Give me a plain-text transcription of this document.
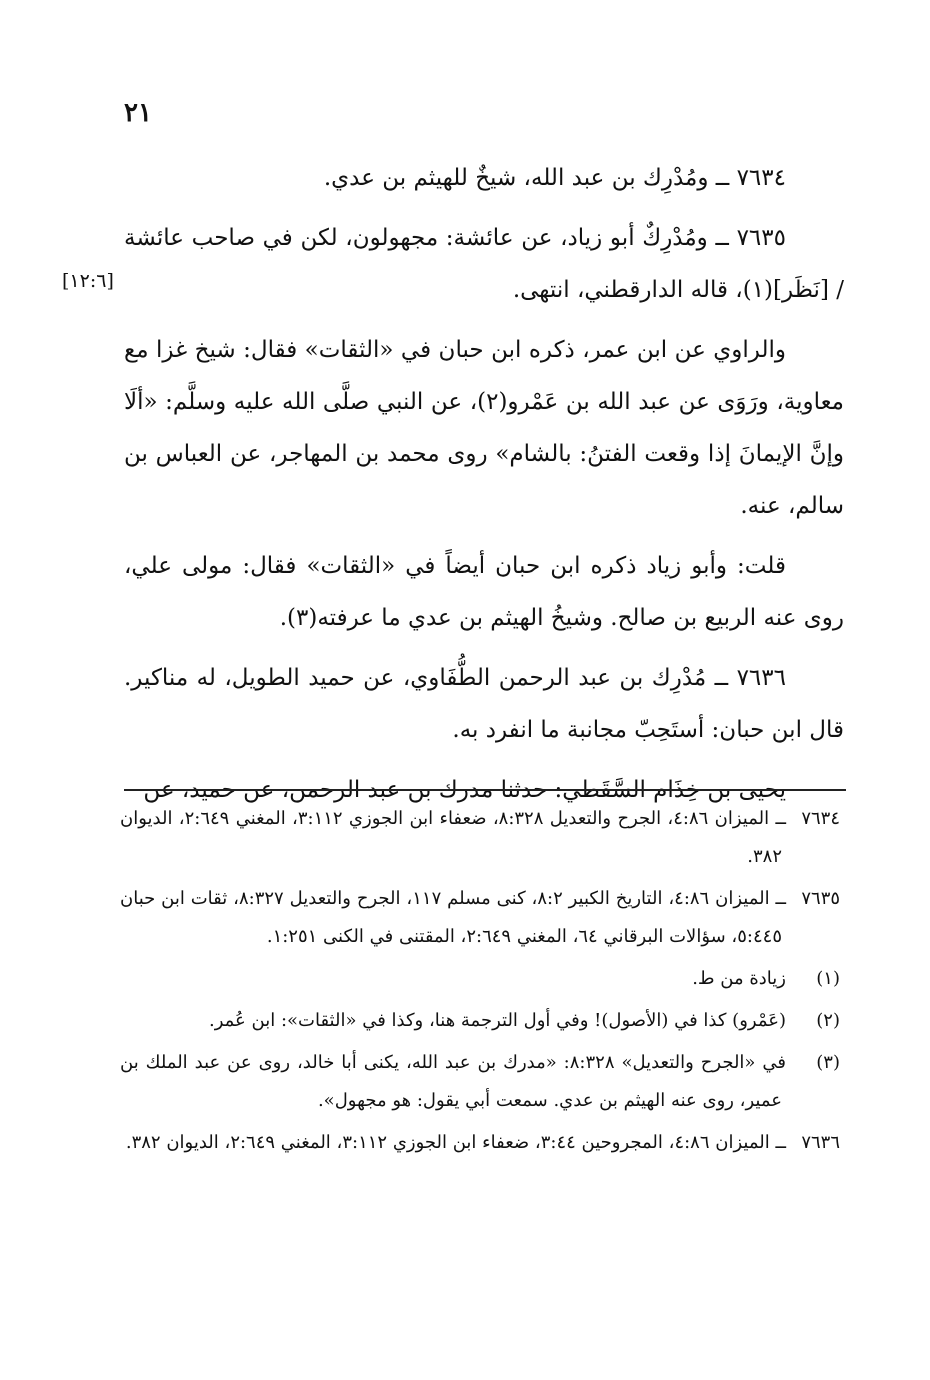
٢١

٧٦٣٤ ــ ومُدْرِك بن عبد الله، شيخٌ للهيثم بن عدي.

٧٦٣٥ ــ ومُدْرِكٌ أبو زياد، عن عائشة: مجهولون، لكن في صاحب عائشة / [نَظَر](١)، قاله الدارقطني، انتهى.

والراوي عن ابن عمر، ذكره ابن حبان في «الثقات» فقال: شيخ غزا مع معاوية، ورَوَى عن عبد الله بن عَمْرو(٢)، عن النبي صلَّى الله عليه وسلَّم: «ألَا وإنَّ الإيمانَ إذا وقعت الفتنُ: بالشام» روى محمد بن المهاجر، عن العباس بن سالم، عنه.

قلت: وأبو زياد ذكره ابن حبان أيضاً في «الثقات» فقال: مولى علي، روى عنه الربيع بن صالح. وشيخُ الهيثم بن عدي ما عرفته(٣).

٧٦٣٦ ــ مُدْرِك بن عبد الرحمن الطُّفَاوي، عن حميد الطويل، له مناكير. قال ابن حبان: أستَحِبّ مجانبة ما انفرد به.

يحيى بن خِذَام السَّقَطي: حدثنا مدرك بن عبد الرحمن، عن حميد، عن

[١٢:٦]

٧٦٣٤ــ الميزان ٤:٨٦، الجرح والتعديل ٨:٣٢٨، ضعفاء ابن الجوزي ٣:١١٢، المغني ٢:٦٤٩، الديوان ٣٨٢.

٧٦٣٥ــ الميزان ٤:٨٦، التاريخ الكبير ٨:٢، كنى مسلم ١١٧، الجرح والتعديل ٨:٣٢٧، ثقات ابن حبان ٥:٤٤٥، سؤالات البرقاني ٦٤، المغني ٢:٦٤٩، المقتنى في الكنى ١:٢٥١.

(١)زيادة من ط.

(٢)(عَمْرو) كذا في (الأصول)! وفي أول الترجمة هنا، وكذا في «الثقات»: ابن عُمر.

(٣)في «الجرح والتعديل» ٨:٣٢٨: «مدرك بن عبد الله، يكنى أبا خالد، روى عن عبد الملك بن عمير، روى عنه الهيثم بن عدي. سمعت أبي يقول: هو مجهول».

٧٦٣٦ــ الميزان ٤:٨٦، المجروحين ٣:٤٤، ضعفاء ابن الجوزي ٣:١١٢، المغني ٢:٦٤٩، الديوان ٣٨٢.
